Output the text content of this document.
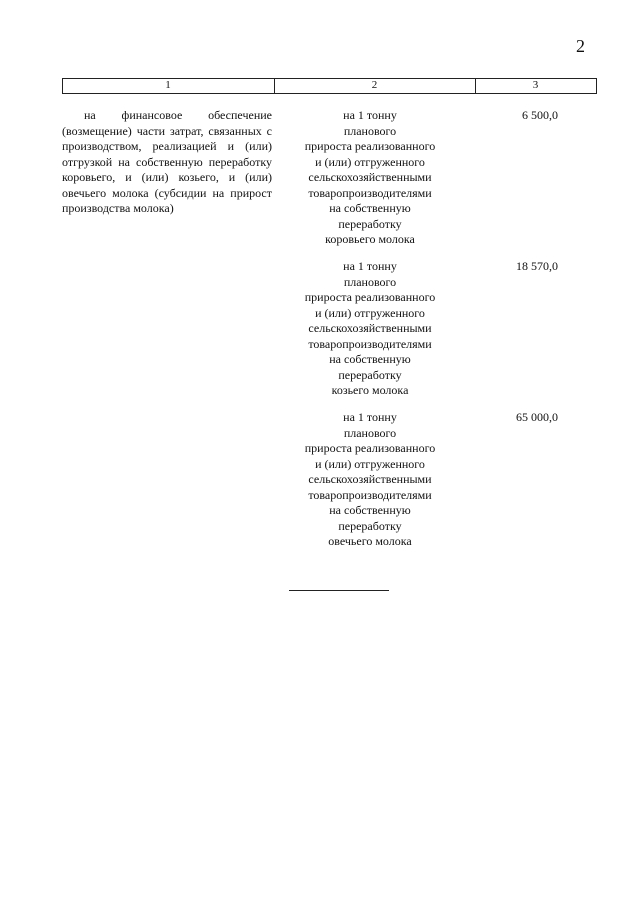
2
1	2	3

на финансовое обеспечение (возмещение) части затрат, связанных с производством, реализацией и (или) отгрузкой на собственную переработку коровьего, и (или) козьего, и (или) овечьего молока (субсидии на прирост производства молока)

на 1 тонну
планового
прироста реализованного
и (или) отгруженного
сельскохозяйственными
товаропроизводителями
на собственную
переработку
коровьего молока
6 500,0
на 1 тонну
планового
прироста реализованного
и (или) отгруженного
сельскохозяйственными
товаропроизводителями
на собственную
переработку
козьего молока
18 570,0
на 1 тонну
планового
прироста реализованного
и (или) отгруженного
сельскохозяйственными
товаропроизводителями
на собственную
переработку
овечьего молока
65 000,0
